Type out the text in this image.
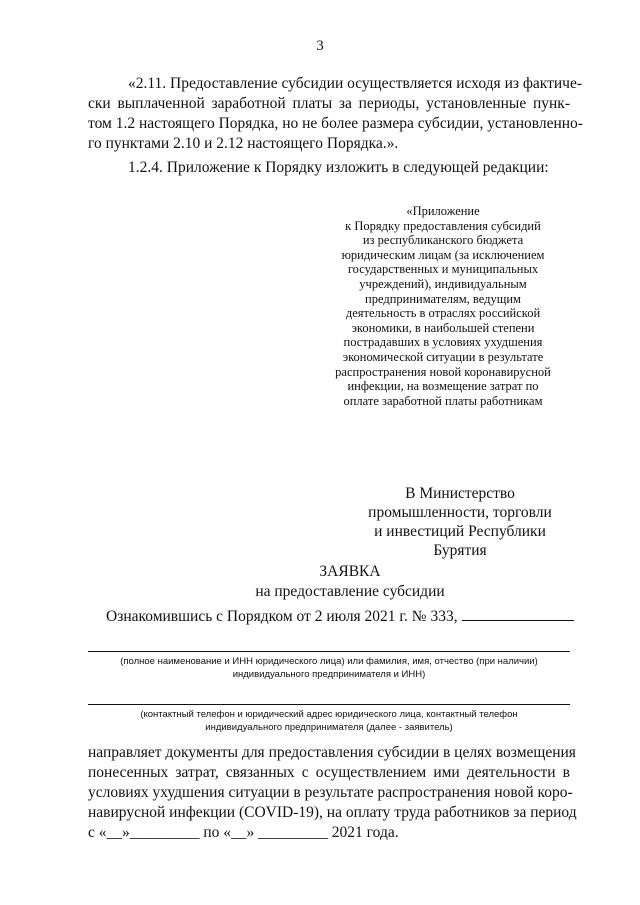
3
«2.11. Предоставление субсидии осуществляется исходя из фактиче-
ски выплаченной заработной платы за периоды, установленные пунк-
том 1.2 настоящего Порядка, но не более размера субсидии, установленно-
го пунктами 2.10 и 2.12 настоящего Порядка.».
1.2.4. Приложение к Порядку изложить в следующей редакции:
«Приложение
к Порядку предоставления субсидий
из республиканского бюджета
юридическим лицам (за исключением
государственных и муниципальных
учреждений), индивидуальным
предпринимателям, ведущим
деятельность в отраслях российской
экономики, в наибольшей степени
пострадавших в условиях ухудшения
экономической ситуации в результате
распространения новой коронавирусной
инфекции, на возмещение затрат по
оплате заработной платы работникам
В Министерство
промышленности, торговли
и инвестиций Республики
Бурятия
ЗАЯВКА
на предоставление субсидии
Ознакомившись с Порядком от 2 июля 2021 г. № 333,
(полное наименование и ИНН юридического лица) или фамилия, имя, отчество (при наличии)
индивидуального предпринимателя и ИНН)
(контактный телефон и юридический адрес юридического лица, контактный телефон
индивидуального предпринимателя (далее - заявитель)
направляет документы для предоставления субсидии в целях возмещения
понесенных затрат, связанных с осуществлением ими деятельности в
условиях ухудшения ситуации в результате распространения новой коро-
навирусной инфекции (COVID-19), на оплату труда работников за период
с «__»_________ по «__» _________ 2021 года.
